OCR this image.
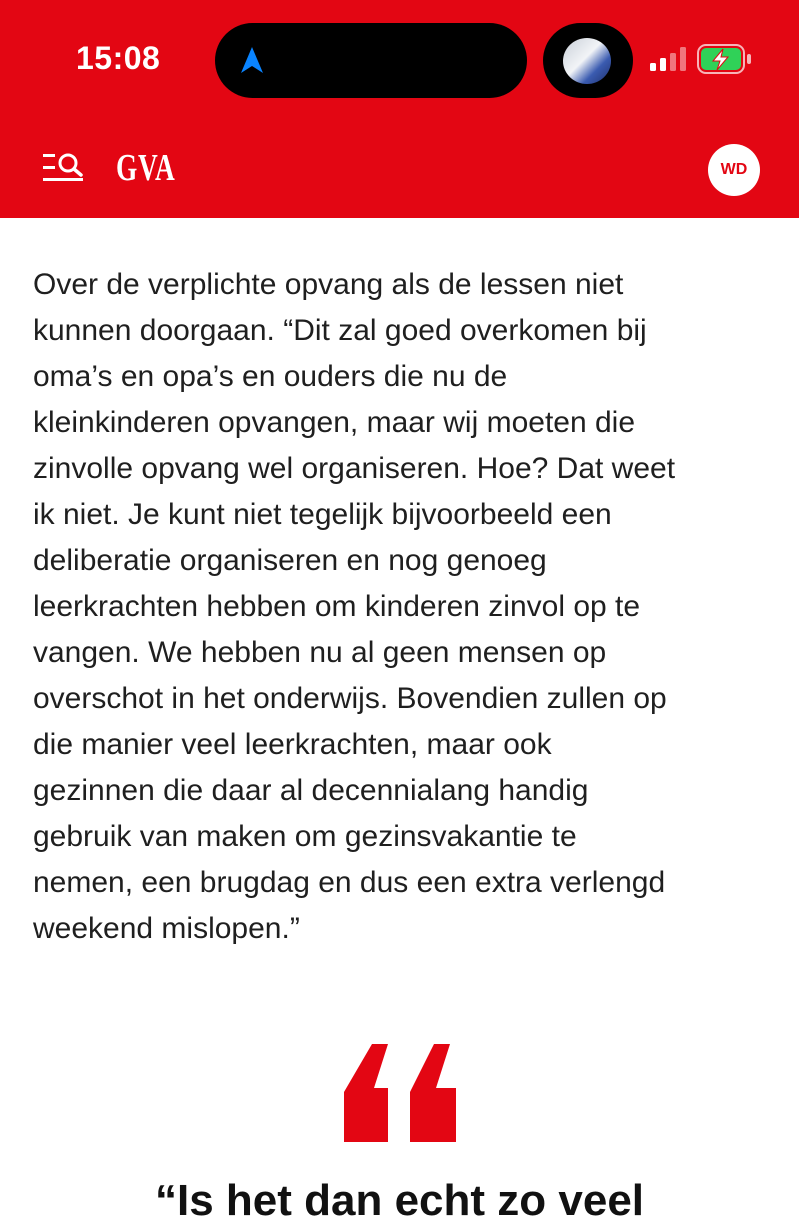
15:08
GVA	WD
Over de verplichte opvang als de lessen niet
kunnen doorgaan. “Dit zal goed overkomen bij
oma’s en opa’s en ouders die nu de
kleinkinderen opvangen, maar wij moeten die
zinvolle opvang wel organiseren. Hoe? Dat weet
ik niet. Je kunt niet tegelijk bijvoorbeeld een
deliberatie organiseren en nog genoeg
leerkrachten hebben om kinderen zinvol op te
vangen. We hebben nu al geen mensen op
overschot in het onderwijs. Bovendien zullen op
die manier veel leerkrachten, maar ook
gezinnen die daar al decennialang handig
gebruik van maken om gezinsvakantie te
nemen, een brugdag en dus een extra verlengd
weekend mislopen.”
“Is het dan echt zo veel
